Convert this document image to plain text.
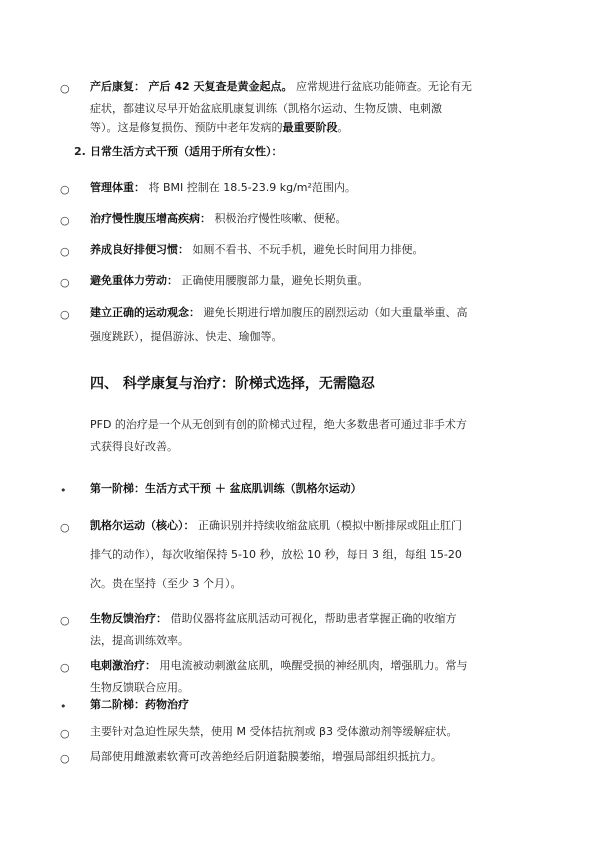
○ 产后康复： 产后 42 天复查是黄金起点。 应常规进行盆底功能筛查。无论有无
症状，都建议尽早开始盆底肌康复训练（凯格尔运动、生物反馈、电刺激
等）。这是修复损伤、预防中老年发病的最重要阶段。
2. 日常生活方式干预（适用于所有女性）：
○ 管理体重： 将 BMI 控制在 18.5-23.9 kg/m²范围内。
○ 治疗慢性腹压增高疾病： 积极治疗慢性咳嗽、便秘。
○ 养成良好排便习惯： 如厕不看书、不玩手机，避免长时间用力排便。
○ 避免重体力劳动： 正确使用腰腹部力量，避免长期负重。
○ 建立正确的运动观念： 避免长期进行增加腹压的剧烈运动（如大重量举重、高
强度跳跃），提倡游泳、快走、瑜伽等。
四、 科学康复与治疗：阶梯式选择，无需隐忍
PFD 的治疗是一个从无创到有创的阶梯式过程，绝大多数患者可通过非手术方
式获得良好改善。
• 第一阶梯：生活方式干预 ＋ 盆底肌训练（凯格尔运动）
○ 凯格尔运动（核心）： 正确识别并持续收缩盆底肌（模拟中断排尿或阻止肛门
排气的动作），每次收缩保持 5-10 秒，放松 10 秒，每日 3 组，每组 15-20
次。贵在坚持（至少 3 个月）。
○ 生物反馈治疗： 借助仪器将盆底肌活动可视化，帮助患者掌握正确的收缩方
法，提高训练效率。
○ 电刺激治疗： 用电流被动刺激盆底肌，唤醒受损的神经肌肉，增强肌力。常与
生物反馈联合应用。
• 第二阶梯：药物治疗
○ 主要针对急迫性尿失禁，使用 M 受体拮抗剂或 β3 受体激动剂等缓解症状。
○ 局部使用雌激素软膏可改善绝经后阴道黏膜萎缩，增强局部组织抵抗力。
